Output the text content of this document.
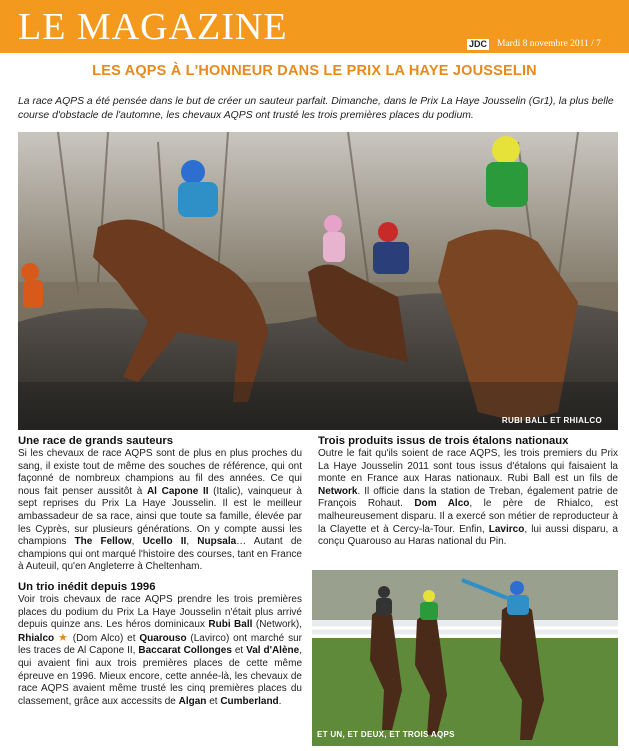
LE MAGAZINE	JDC Mardi 8 novembre 2011 / 7
LES AQPS À L'HONNEUR DANS LE PRIX LA HAYE JOUSSELIN
La race AQPS a été pensée dans le but de créer un sauteur parfait. Dimanche, dans le Prix La Haye Jousselin (Gr1), la plus belle course d'obstacle de l'automne, les chevaux AQPS ont trusté les trois premières places du podium.
RUBI BALL ET RHIALCO
Une race de grands sauteurs

Si les chevaux de race AQPS sont de plus en plus proches du sang, il existe tout de même des souches de référence, qui ont façonné de nombreux champions au fil des années. Ce qui nous fait penser aussitôt à Al Capone II (Italic), vainqueur à sept reprises du Prix La Haye Jousselin. Il est le meilleur ambassadeur de sa race, ainsi que toute sa famille, élevée par les Cyprès, sur plusieurs générations. On y compte aussi les champions The Fellow, Ucello II, Nupsala… Autant de champions qui ont marqué l'histoire des courses, tant en France à Auteuil, qu'en Angleterre à Cheltenham.

Un trio inédit depuis 1996

Voir trois chevaux de race AQPS prendre les trois premières places du podium du Prix La Haye Jousselin n'était plus arrivé depuis quinze ans. Les héros dominicaux Rubi Ball (Network), Rhialco ★ (Dom Alco) et Quarouso (Lavirco) ont marché sur les traces de Al Capone II, Baccarat Collonges et Val d'Alène, qui avaient fini aux trois premières places de cette même épreuve en 1996. Mieux encore, cette année-là, les chevaux de race AQPS avaient même trusté les cinq premières places du classement, grâce aux accessits de Algan et Cumberland.

Trois produits issus de trois étalons nationaux

Outre le fait qu'ils soient de race AQPS, les trois premiers du Prix La Haye Jousselin 2011 sont tous issus d'étalons qui faisaient la monte en France aux Haras nationaux. Rubi Ball est un fils de Network. Il officie dans la station de Treban, également patrie de François Rohaut. Dom Alco, le père de Rhialco, est malheureusement disparu. Il a exercé son métier de reproducteur à la Clayette et à Cercy-la-Tour. Enfin, Lavirco, lui aussi disparu, a conçu Quarouso au Haras national du Pin.

ET UN, ET DEUX, ET TROIS AQPS
